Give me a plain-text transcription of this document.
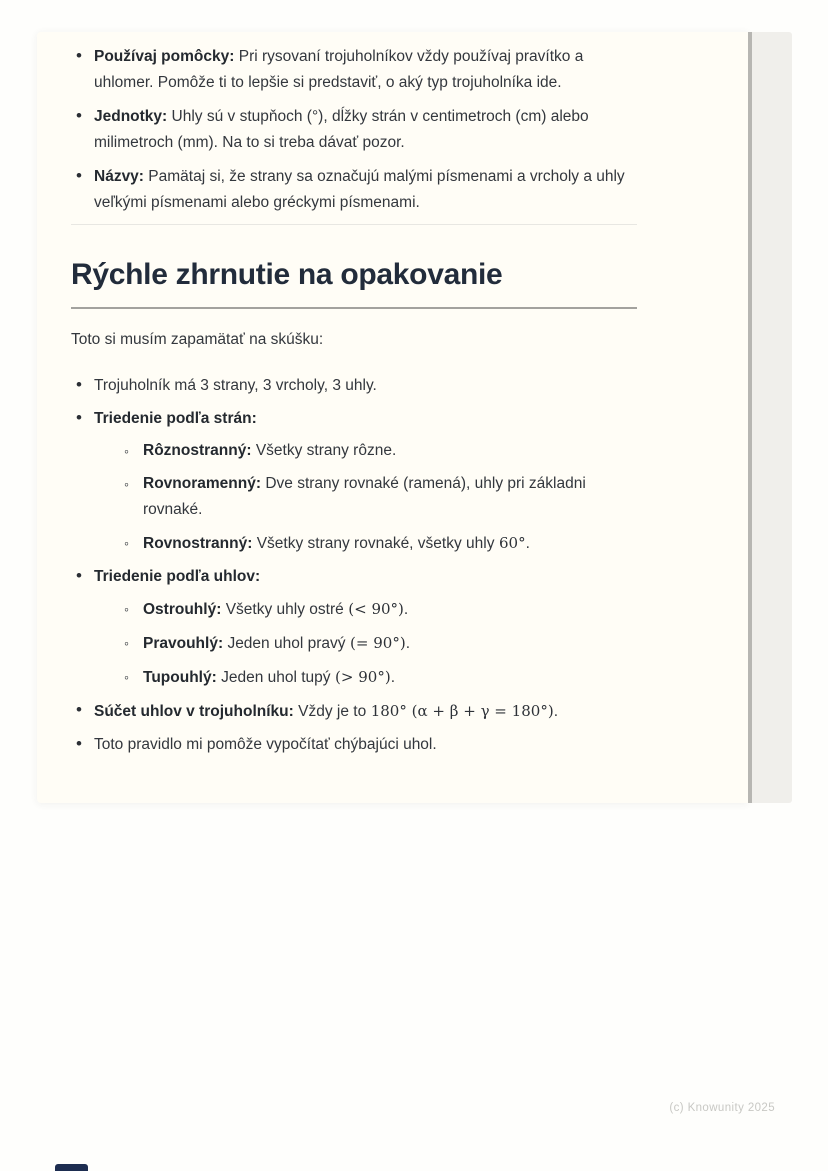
• Používaj pomôcky: Pri rysovaní trojuholníkov vždy používaj pravítko a uhlomer. Pomôže ti to lepšie si predstaviť, o aký typ trojuholníka ide.
• Jednotky: Uhly sú v stupňoch (°), dĺžky strán v centimetroch (cm) alebo milimetroch (mm). Na to si treba dávať pozor.
• Názvy: Pamätaj si, že strany sa označujú malými písmenami a vrcholy a uhly veľkými písmenami alebo gréckymi písmenami.
Rýchle zhrnutie na opakovanie

Toto si musím zapamätať na skúšku:

• Trojuholník má 3 strany, 3 vrcholy, 3 uhly.
• Triedenie podľa strán:
◦ Rôznostranný: Všetky strany rôzne.
◦ Rovnoramenný: Dve strany rovnaké (ramená), uhly pri základni rovnaké.
◦ Rovnostranný: Všetky strany rovnaké, všetky uhly 60°.
• Triedenie podľa uhlov:
◦ Ostrouhlý: Všetky uhly ostré (< 90°).
◦ Pravouhlý: Jeden uhol pravý (= 90°).
◦ Tupouhlý: Jeden uhol tupý (> 90°).
• Súčet uhlov v trojuholníku: Vždy je to 180° (α + β + γ = 180°).
• Toto pravidlo mi pomôže vypočítať chýbajúci uhol.
(c) Knowunity 2025
